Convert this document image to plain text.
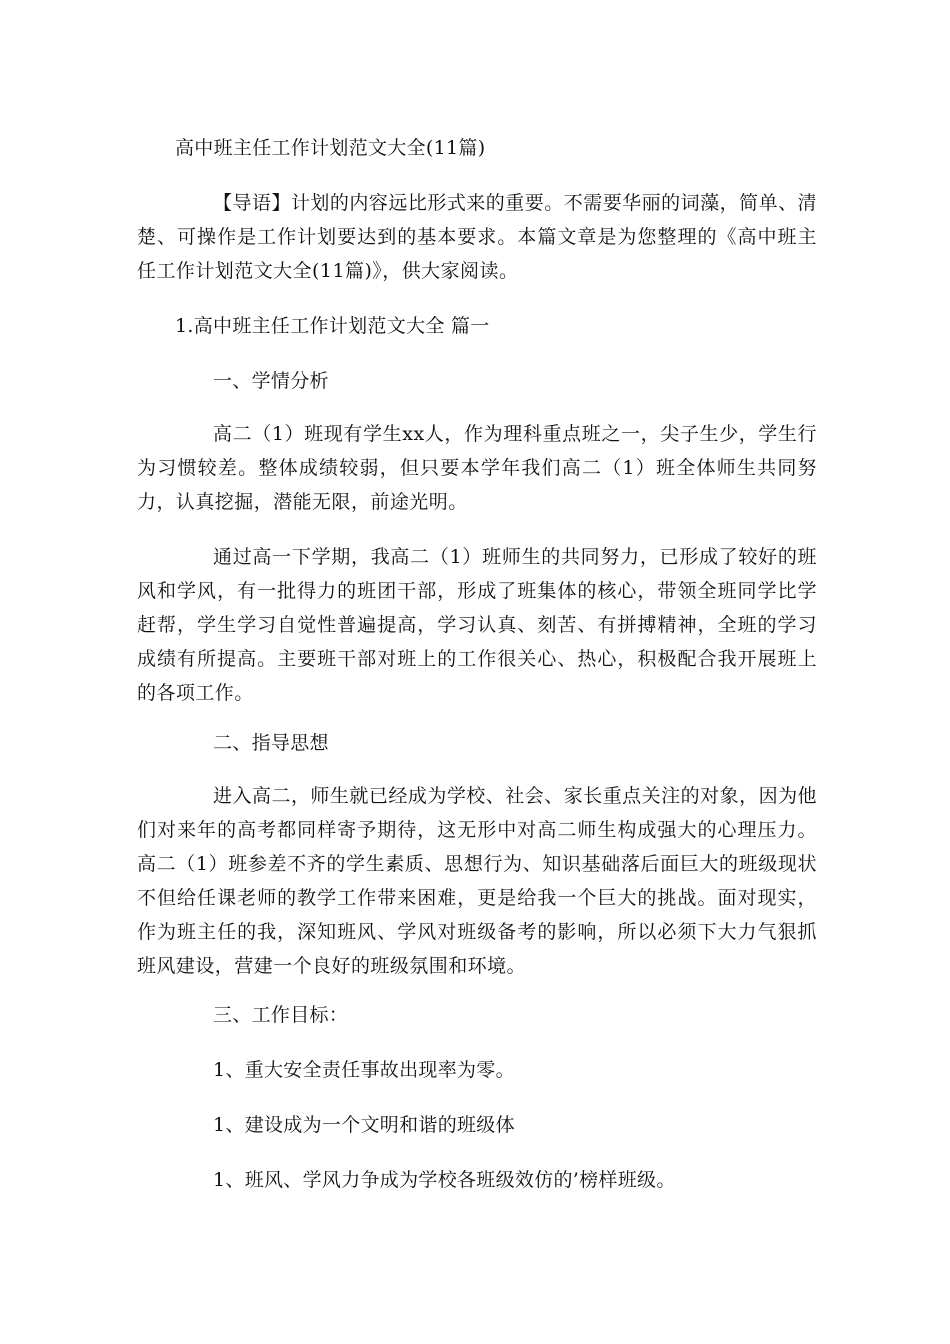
高中班主任工作计划范文大全(11篇)
【导语】计划的内容远比形式来的重要。不需要华丽的词藻，简单、清楚、可操作是工作计划要达到的基本要求。本篇文章是为您整理的《高中班主任工作计划范文大全(11篇)》，供大家阅读。
1.高中班主任工作计划范文大全 篇一
一、学情分析
高二（1）班现有学生xx人，作为理科重点班之一，尖子生少，学生行为习惯较差。整体成绩较弱，但只要本学年我们高二（1）班全体师生共同努力，认真挖掘，潜能无限，前途光明。
通过高一下学期，我高二（1）班师生的共同努力，已形成了较好的班风和学风，有一批得力的班团干部，形成了班集体的核心，带领全班同学比学赶帮，学生学习自觉性普遍提高，学习认真、刻苦、有拼搏精神，全班的学习成绩有所提高。主要班干部对班上的工作很关心、热心，积极配合我开展班上的各项工作。
二、指导思想
进入高二，师生就已经成为学校、社会、家长重点关注的对象，因为他们对来年的高考都同样寄予期待，这无形中对高二师生构成强大的心理压力。高二（1）班参差不齐的学生素质、思想行为、知识基础落后面巨大的班级现状不但给任课老师的教学工作带来困难，更是给我一个巨大的挑战。面对现实，作为班主任的我，深知班风、学风对班级备考的影响，所以必须下大力气狠抓班风建设，营建一个良好的班级氛围和环境。
三、工作目标：
1、重大安全责任事故出现率为零。
1、建设成为一个文明和谐的班级体
1、班风、学风力争成为学校各班级效仿的’榜样班级。
